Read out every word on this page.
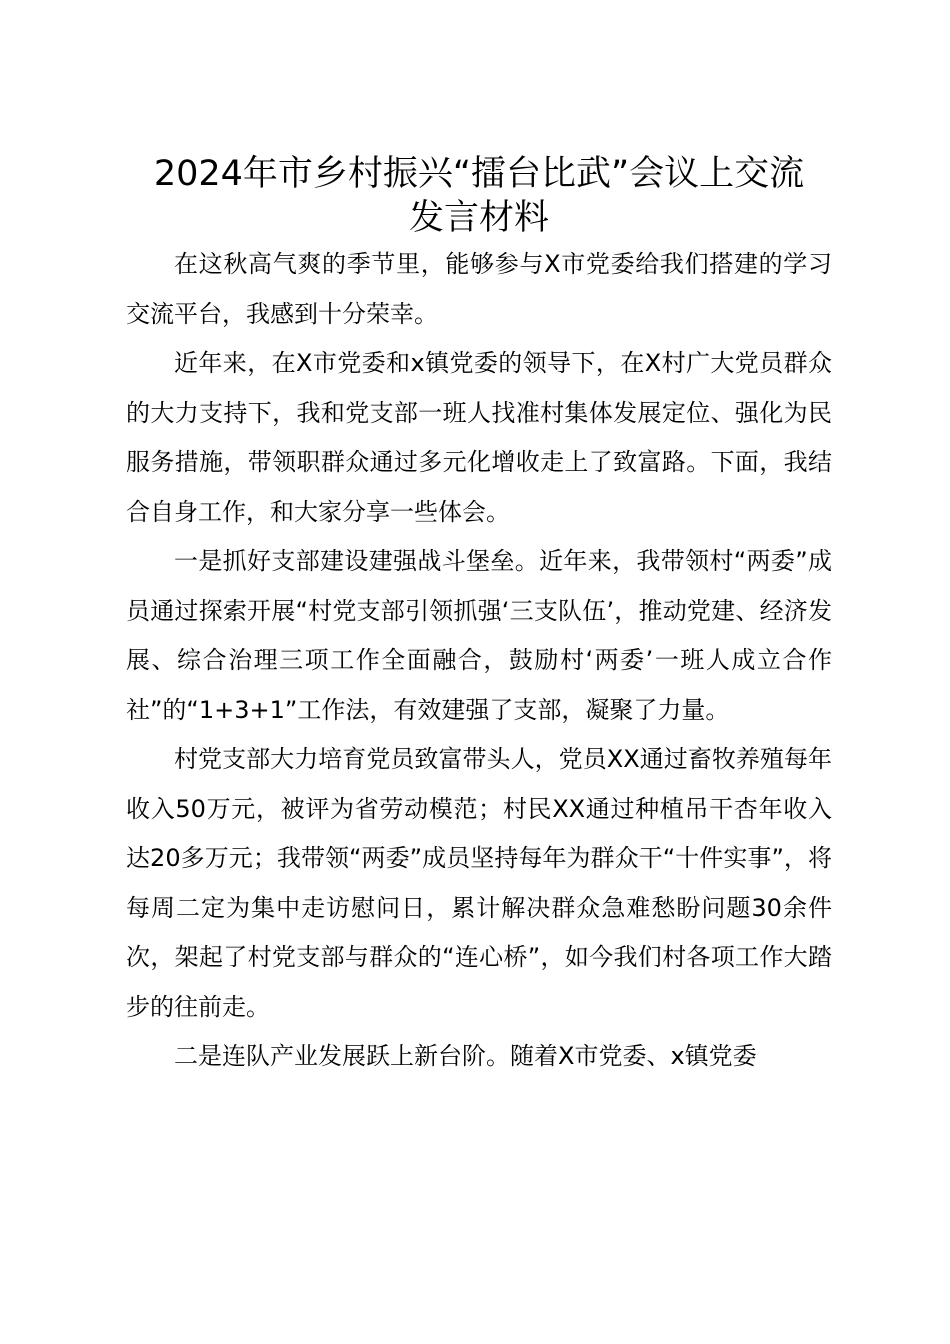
2024年市乡村振兴“擂台比武”会议上交流
发言材料

在这秋高气爽的季节里，能够参与X市党委给我们搭建的学习交流平台，我感到十分荣幸。

近年来，在X市党委和x镇党委的领导下，在X村广大党员群众的大力支持下，我和党支部一班人找准村集体发展定位、强化为民服务措施，带领职群众通过多元化增收走上了致富路。下面，我结合自身工作，和大家分享一些体会。

一是抓好支部建设建强战斗堡垒。近年来，我带领村“两委”成员通过探索开展“村党支部引领抓强‘三支队伍’，推动党建、经济发展、综合治理三项工作全面融合，鼓励村‘两委’一班人成立合作社”的“1+3+1”工作法，有效建强了支部，凝聚了力量。

村党支部大力培育党员致富带头人，党员XX通过畜牧养殖每年收入50万元，被评为省劳动模范；村民XX通过种植吊干杏年收入达20多万元；我带领“两委”成员坚持每年为群众干“十件实事”，将每周二定为集中走访慰问日，累计解决群众急难愁盼问题30余件次，架起了村党支部与群众的“连心桥”，如今我们村各项工作大踏步的往前走。

二是连队产业发展跃上新台阶。随着X市党委、x镇党委
